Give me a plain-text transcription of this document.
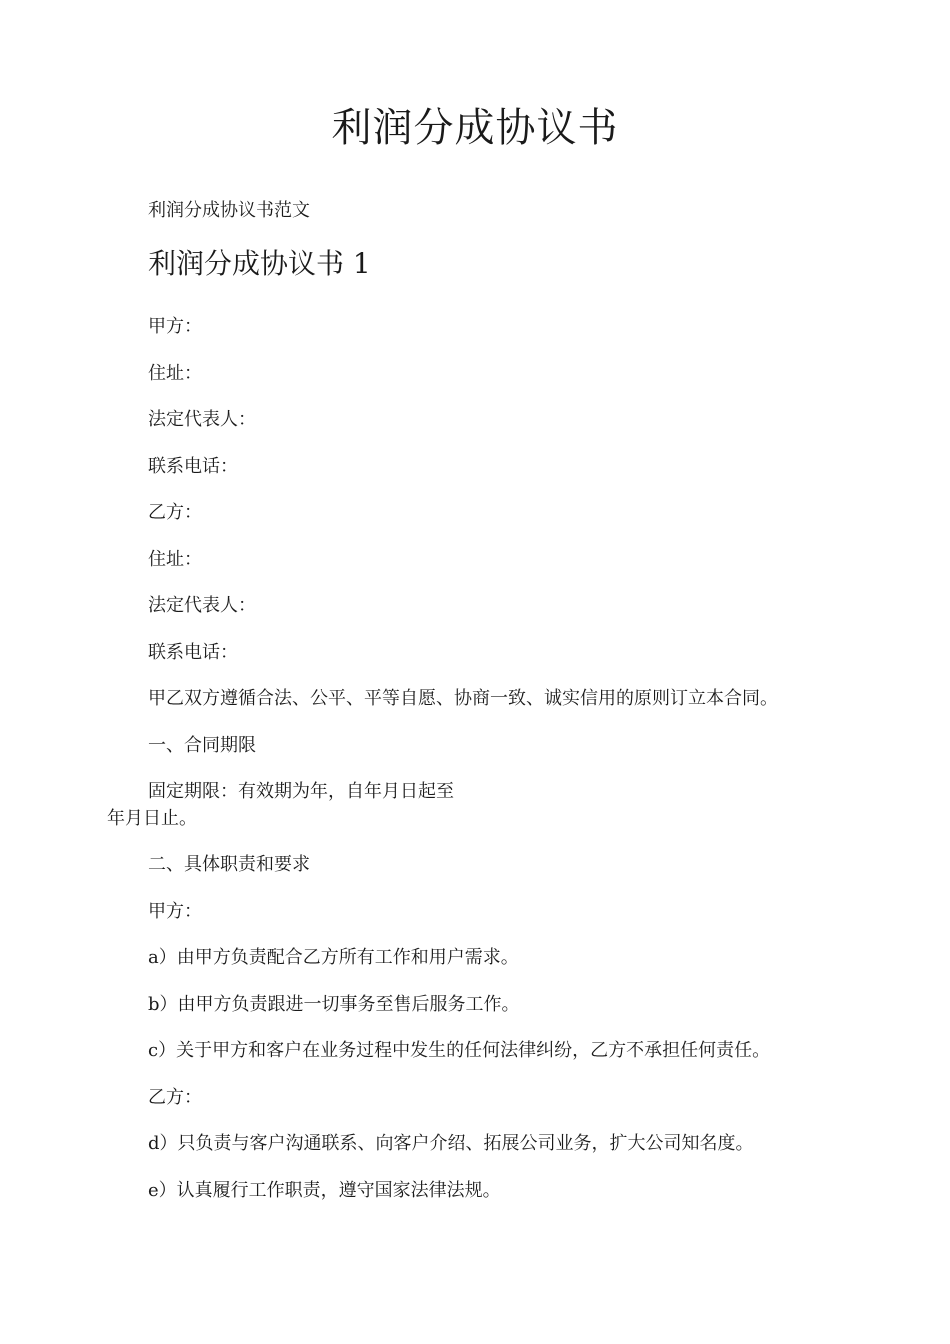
利润分成协议书

利润分成协议书范文

利润分成协议书 1

甲方：

住址：

法定代表人：

联系电话：

乙方：

住址：

法定代表人：

联系电话：

甲乙双方遵循合法、公平、平等自愿、协商一致、诚实信用的原则订立本合同。

一、合同期限

固定期限：有效期为年，自年月日起至

年月日止。

二、具体职责和要求

甲方：

a）由甲方负责配合乙方所有工作和用户需求。

b）由甲方负责跟进一切事务至售后服务工作。

c）关于甲方和客户在业务过程中发生的任何法律纠纷，乙方不承担任何责任。

乙方：

d）只负责与客户沟通联系、向客户介绍、拓展公司业务，扩大公司知名度。

e）认真履行工作职责，遵守国家法律法规。
